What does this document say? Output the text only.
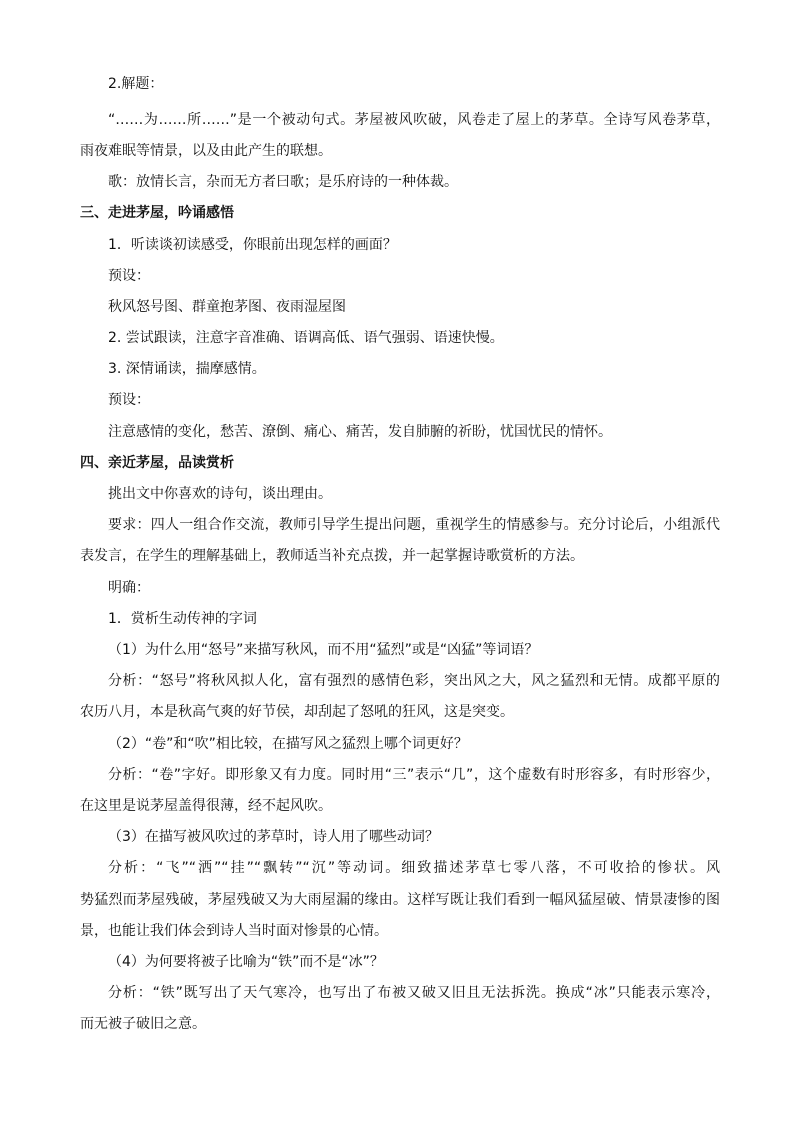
2.解题：
“……为……所……”是一个被动句式。茅屋被风吹破，风卷走了屋上的茅草。全诗写风卷茅草，
雨夜难眠等情景，以及由此产生的联想。
歌：放情长言，杂而无方者曰歌；是乐府诗的一种体裁。
三、走进茅屋，吟诵感悟
1．听读谈初读感受，你眼前出现怎样的画面？
预设：
秋风怒号图、群童抱茅图、夜雨湿屋图
2. 尝试跟读，注意字音准确、语调高低、语气强弱、语速快慢。
3. 深情诵读，揣摩感情。
预设：
注意感情的变化，愁苦、潦倒、痛心、痛苦，发自肺腑的祈盼，忧国忧民的情怀。
四、亲近茅屋，品读赏析
挑出文中你喜欢的诗句，谈出理由。
要求：四人一组合作交流，教师引导学生提出问题，重视学生的情感参与。充分讨论后，小组派代
表发言，在学生的理解基础上，教师适当补充点拨，并一起掌握诗歌赏析的方法。
明确：
1．赏析生动传神的字词
（1）为什么用“怒号”来描写秋风，而不用“猛烈”或是“凶猛”等词语？
分析：“怒号”将秋风拟人化，富有强烈的感情色彩，突出风之大，风之猛烈和无情。成都平原的
农历八月，本是秋高气爽的好节侯，却刮起了怒吼的狂风，这是突变。
（2）“卷”和“吹”相比较，在描写风之猛烈上哪个词更好？
分析：“卷”字好。即形象又有力度。同时用“三”表示“几”，这个虚数有时形容多，有时形容少，
在这里是说茅屋盖得很薄，经不起风吹。
（3）在描写被风吹过的茅草时，诗人用了哪些动词？
分析：“飞”“洒”“挂”“飘转”“沉”等动词。细致描述茅草七零八落，不可收拾的惨状。风
势猛烈而茅屋残破，茅屋残破又为大雨屋漏的缘由。这样写既让我们看到一幅风猛屋破、情景凄惨的图
景，也能让我们体会到诗人当时面对惨景的心情。
（4）为何要将被子比喻为“铁”而不是“冰”？
分析：“铁”既写出了天气寒冷，也写出了布被又破又旧且无法拆洗。换成“冰”只能表示寒冷，
而无被子破旧之意。
